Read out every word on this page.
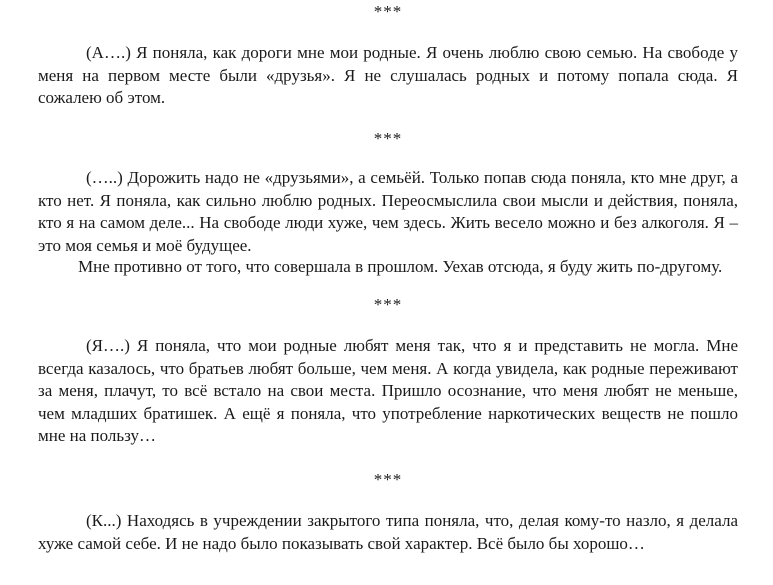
***

(А….) Я поняла, как дороги мне мои родные. Я очень люблю свою семью. На свободе у меня на первом месте были «друзья». Я не слушалась родных и потому попала сюда. Я сожалею об этом.

***

(…..) Дорожить надо не «друзьями», а семьёй. Только попав сюда поняла, кто мне друг, а кто нет. Я поняла, как сильно люблю родных. Переосмыслила свои мысли и действия, поняла, кто я на самом деле... На свободе люди хуже, чем здесь. Жить весело можно и без алкоголя. Я – это моя семья и моё будущее.

Мне противно от того, что совершала в прошлом. Уехав отсюда, я буду жить по-другому.

***

(Я….) Я поняла, что мои родные любят меня так, что я и представить не могла. Мне всегда казалось, что братьев любят больше, чем меня. А когда увидела, как родные переживают за меня, плачут, то всё встало на свои места. Пришло осознание, что меня любят не меньше, чем младших братишек. А ещё я поняла, что употребление наркотических веществ не пошло мне на пользу…

***

(К...) Находясь в учреждении закрытого типа поняла, что, делая кому-то назло, я делала хуже самой себе. И не надо было показывать свой характер. Всё было бы хорошо…
